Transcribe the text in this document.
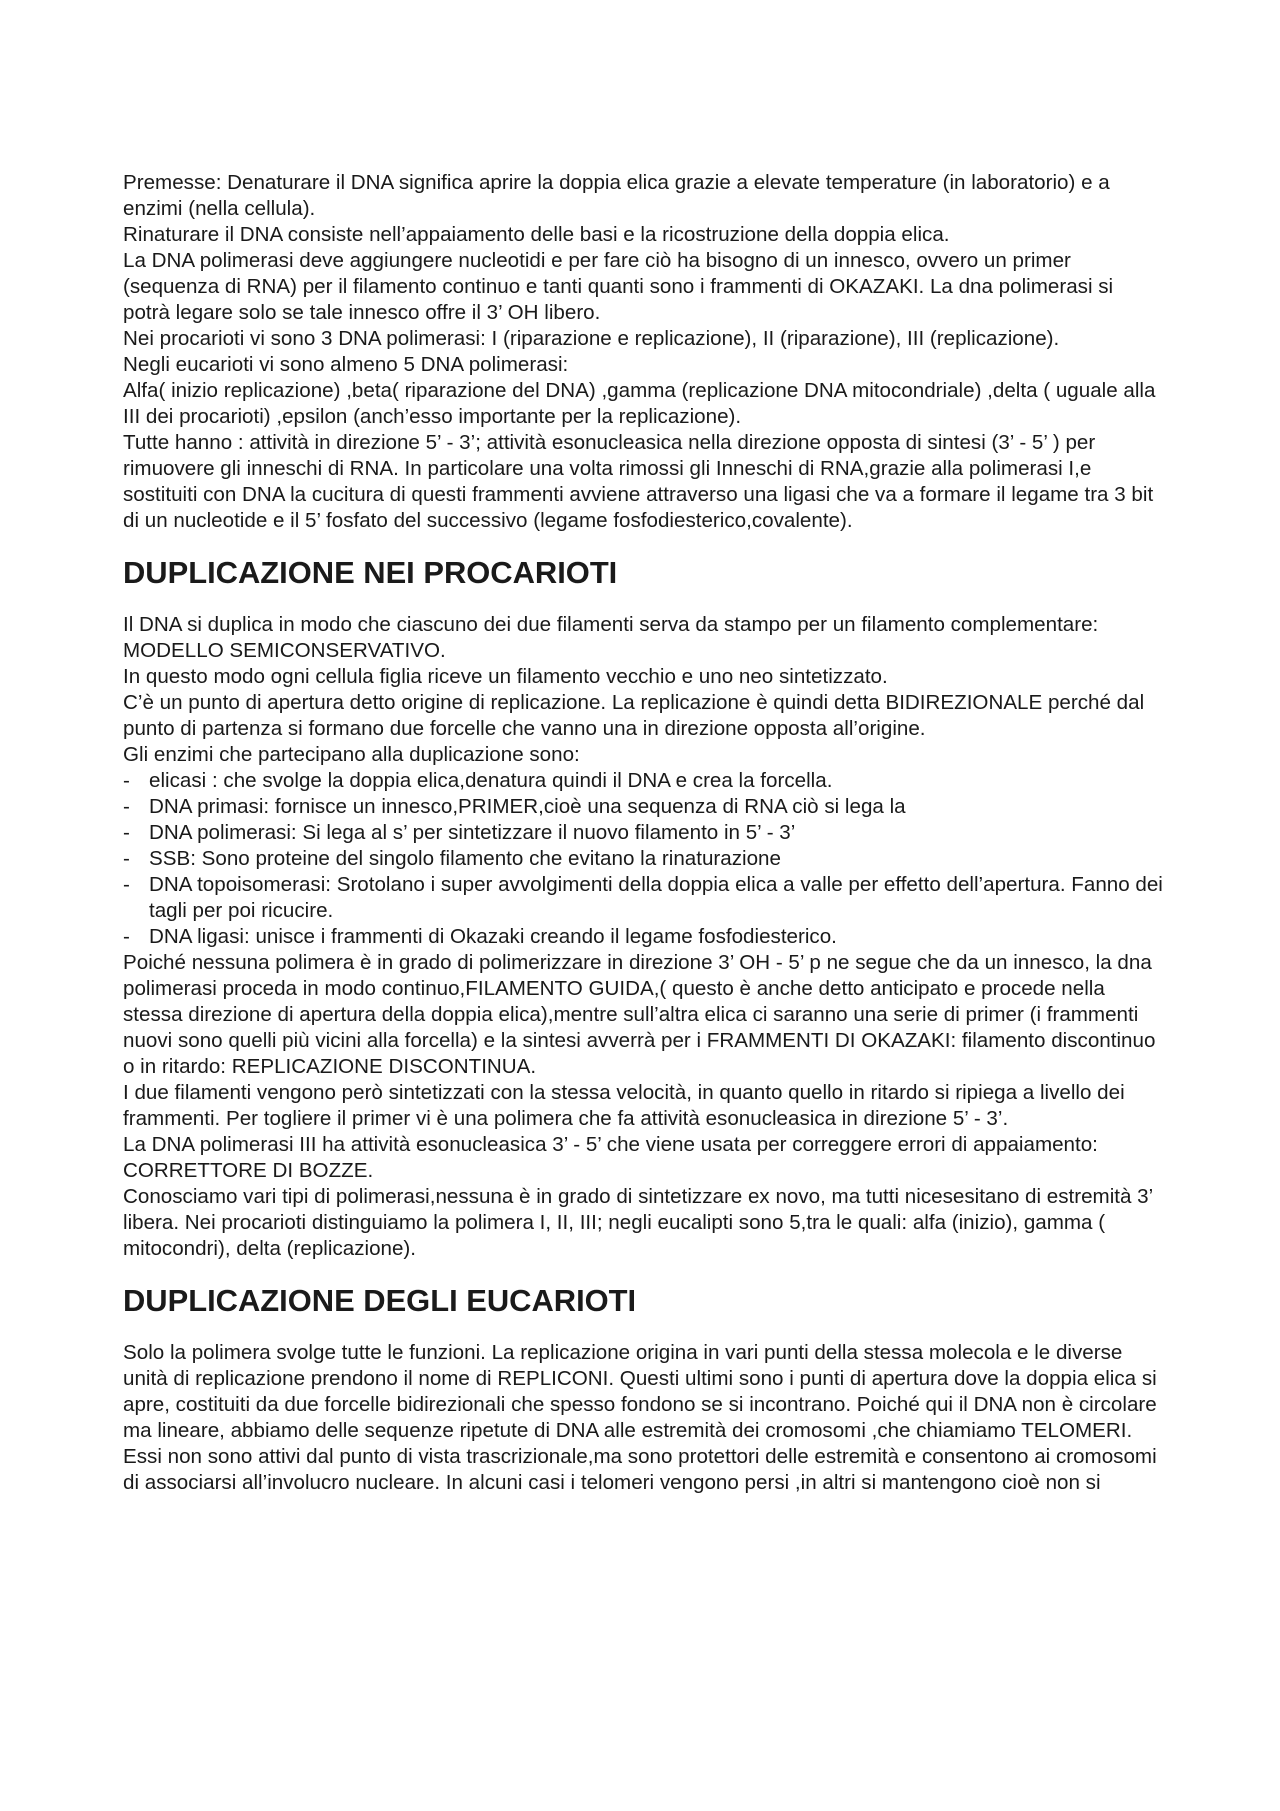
Premesse: Denaturare il DNA significa aprire la doppia elica grazie a elevate temperature (in laboratorio) e a enzimi (nella cellula).

Rinaturare il DNA consiste nell’appaiamento delle basi e la ricostruzione della doppia elica.

La DNA polimerasi deve aggiungere nucleotidi e per fare ciò ha bisogno di un innesco, ovvero un primer (sequenza di RNA) per il filamento continuo e tanti quanti sono i frammenti di OKAZAKI. La dna polimerasi si potrà legare solo se tale innesco offre il 3’ OH libero.

Nei procarioti vi sono 3 DNA polimerasi: I (riparazione e replicazione), II (riparazione), III (replicazione).

Negli eucarioti vi sono almeno 5 DNA polimerasi:

Alfa( inizio replicazione) ,beta( riparazione del DNA) ,gamma (replicazione DNA mitocondriale) ,delta ( uguale alla III dei procarioti) ,epsilon (anch’esso importante per la replicazione).

Tutte hanno : attività in direzione 5’ - 3’; attività esonucleasica nella direzione opposta di sintesi (3’ - 5’ ) per rimuovere gli inneschi di RNA. In particolare una volta rimossi gli Inneschi di RNA,grazie alla polimerasi I,e sostituiti con DNA la cucitura di questi frammenti avviene attraverso una ligasi che va a formare il legame tra 3 bit di un nucleotide e il 5’ fosfato del successivo (legame fosfodiesterico,covalente).

DUPLICAZIONE NEI PROCARIOTI

Il DNA si duplica in modo che ciascuno dei due filamenti serva da stampo per un filamento complementare: MODELLO SEMICONSERVATIVO.

In questo modo ogni cellula figlia riceve un filamento vecchio e uno neo sintetizzato.

C’è un punto di apertura detto origine di replicazione. La replicazione è quindi detta BIDIREZIONALE perché dal punto di partenza si formano due forcelle che vanno una in direzione opposta all’origine.

Gli enzimi che partecipano alla duplicazione sono:

- elicasi : che svolge la doppia elica,denatura quindi il DNA e crea la forcella.
- DNA primasi: fornisce un innesco,PRIMER,cioè una sequenza di RNA ciò si lega la
- DNA polimerasi: Si lega al s’ per sintetizzare il nuovo filamento in 5’ - 3’
- SSB: Sono proteine del singolo filamento che evitano la rinaturazione
- DNA topoisomerasi: Srotolano i super avvolgimenti della doppia elica a valle per effetto dell’apertura. Fanno dei tagli per poi ricucire.
- DNA ligasi: unisce i frammenti di Okazaki creando il legame fosfodiesterico.

Poiché nessuna polimera è in grado di polimerizzare in direzione 3’ OH - 5’ p ne segue che da un innesco, la dna polimerasi proceda in modo continuo,FILAMENTO GUIDA,( questo è anche detto anticipato e procede nella stessa direzione di apertura della doppia elica),mentre sull’altra elica ci saranno una serie di primer (i frammenti nuovi sono quelli più vicini alla forcella) e la sintesi avverrà per i FRAMMENTI DI OKAZAKI: filamento discontinuo o in ritardo: REPLICAZIONE DISCONTINUA.

I due filamenti vengono però sintetizzati con la stessa velocità, in quanto quello in ritardo si ripiega a livello dei frammenti. Per togliere il primer vi è una polimera che fa attività esonucleasica in direzione 5’ - 3’.

La DNA polimerasi III ha attività esonucleasica 3’ - 5’ che viene usata per correggere errori di appaiamento: CORRETTORE DI BOZZE.

Conosciamo vari tipi di polimerasi,nessuna è in grado di sintetizzare ex novo, ma tutti nicesesitano di estremità 3’ libera. Nei procarioti distinguiamo la polimera I, II, III; negli eucalipti sono 5,tra le quali: alfa (inizio), gamma ( mitocondri), delta (replicazione).

DUPLICAZIONE DEGLI EUCARIOTI

Solo la polimera svolge tutte le funzioni. La replicazione origina in vari punti della stessa molecola e le diverse unità di replicazione prendono il nome di REPLICONI. Questi ultimi sono i punti di apertura dove la doppia elica si apre, costituiti da due forcelle bidirezionali che spesso fondono se si incontrano. Poiché qui il DNA non è circolare ma lineare, abbiamo delle sequenze ripetute di DNA alle estremità dei cromosomi ,che chiamiamo TELOMERI. Essi non sono attivi dal punto di vista trascrizionale,ma sono protettori delle estremità e consentono ai cromosomi di associarsi all’involucro nucleare. In alcuni casi i telomeri vengono persi ,in altri si mantengono cioè non si
